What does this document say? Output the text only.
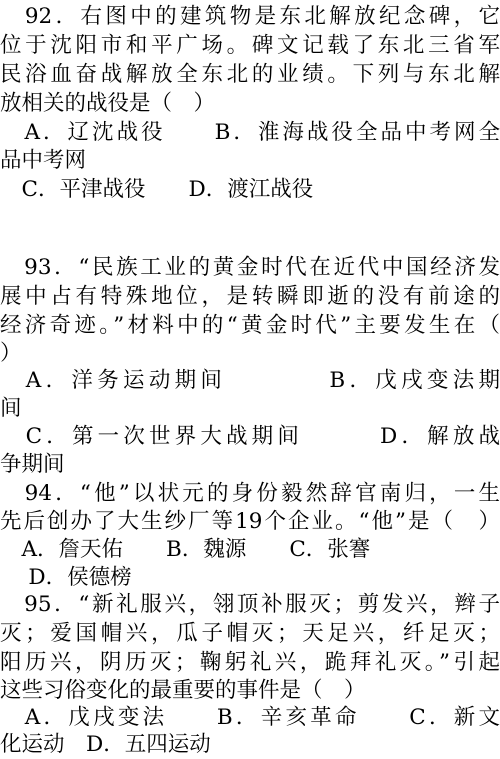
　92．右图中的建筑物是东北解放纪念碑，它
位于沈阳市和平广场。碑文记载了东北三省军
民浴血奋战解放全东北的业绩。下列与东北解
放相关的战役是（　）
　A．辽沈战役　　B．淮海战役全品中考网全
品中考网
　C．平津战役　　D．渡江战役
　93．“民族工业的黄金时代在近代中国经济发
展中占有特殊地位，是转瞬即逝的没有前途的
经济奇迹。”材料中的“黄金时代”主要发生在（
）
　A．洋务运动期间　　　　B．戊戌变法期
间
　C．第一次世界大战期间　　　D．解放战
争期间
　94．“他”以状元的身份毅然辞官南归，一生
先后创办了大生纱厂等19个企业。“他”是（　）
　A．詹天佑　　B．魏源　　C．张謇
　 D．侯德榜
　95．“新礼服兴，翎顶补服灭；剪发兴，辫子
灭；爱国帽兴，瓜子帽灭；天足兴，纤足灭；
阳历兴，阴历灭；鞠躬礼兴，跪拜礼灭。”引起
这些习俗变化的最重要的事件是（　）
　A．戊戌变法　　B．辛亥革命　　C．新文
化运动　D．五四运动
